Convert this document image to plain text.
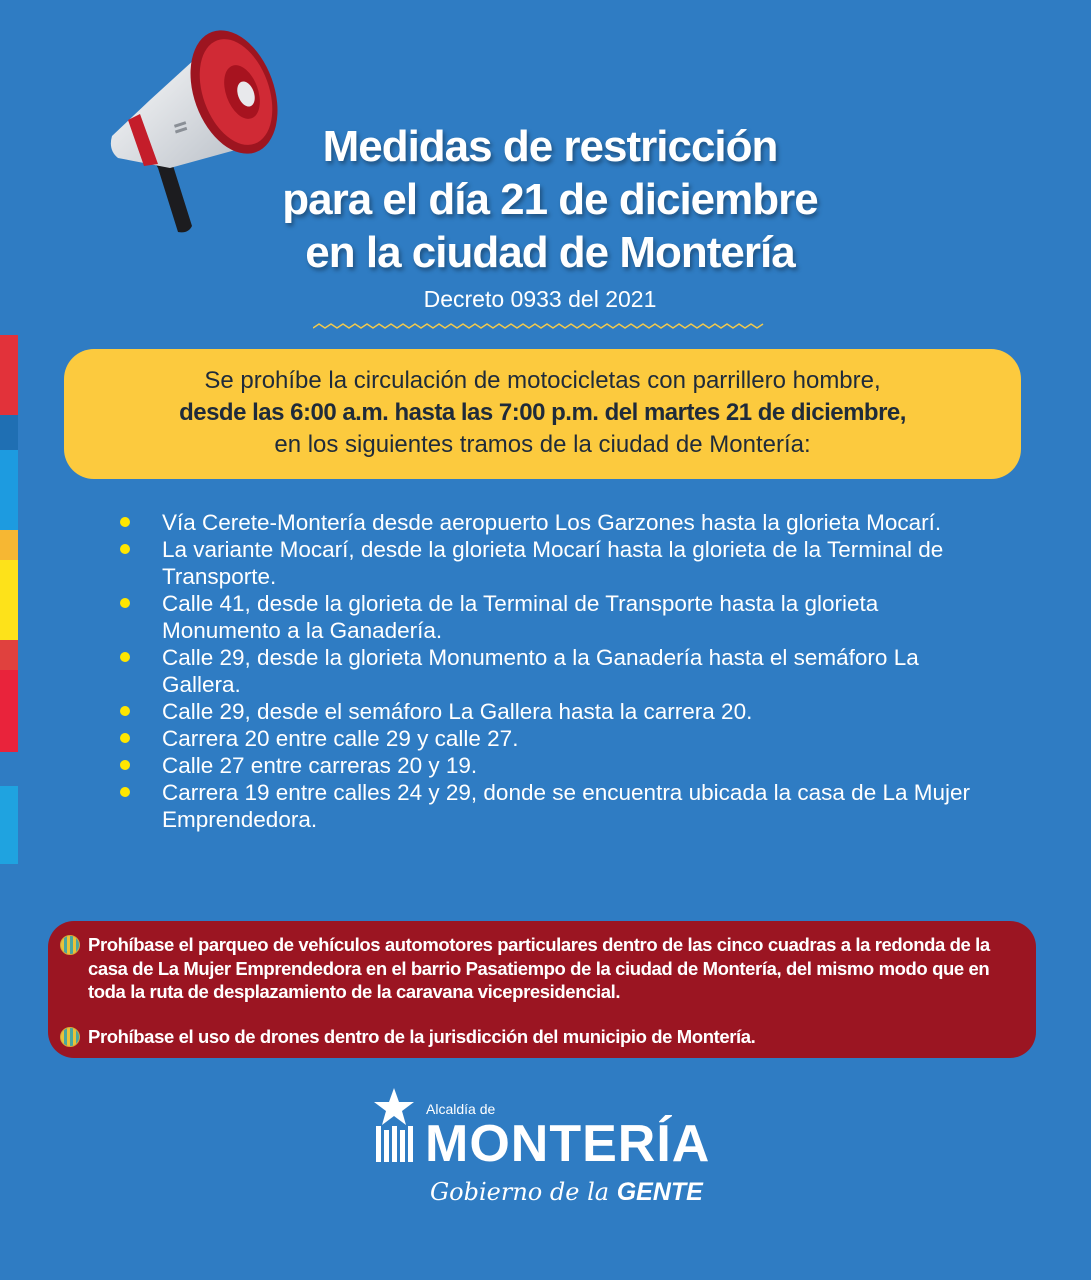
Medidas de restricción
para el día 21 de diciembre
en la ciudad de Montería
Decreto 0933 del 2021
Se prohíbe la circulación de motocicletas con parrillero hombre,
desde las 6:00 a.m. hasta las 7:00 p.m. del martes 21 de diciembre,
en los siguientes tramos de la ciudad de Montería:
Vía Cerete-Montería desde aeropuerto Los Garzones hasta la glorieta Mocarí.
La variante Mocarí, desde la glorieta Mocarí hasta la glorieta de la Terminal de Transporte.
Calle 41, desde la glorieta de la Terminal de Transporte hasta la glorieta Monumento a la Ganadería.
Calle 29, desde la glorieta Monumento a la Ganadería hasta el semáforo La Gallera.
Calle 29, desde el semáforo La Gallera hasta la carrera 20.
Carrera 20 entre calle 29 y calle 27.
Calle 27 entre carreras 20 y 19.
Carrera 19 entre calles 24 y 29, donde se encuentra ubicada la casa de La Mujer Emprendedora.
Prohíbase el parqueo de vehículos automotores particulares dentro de las cinco cuadras a la redonda de la casa de La Mujer Emprendedora en el barrio Pasatiempo de la ciudad de Montería, del mismo modo que en toda la ruta de desplazamiento de la caravana vicepresidencial.
Prohíbase el uso de drones dentro de la jurisdicción del municipio de Montería.
Alcaldía de
MONTERÍA
Gobierno de la GENTE
